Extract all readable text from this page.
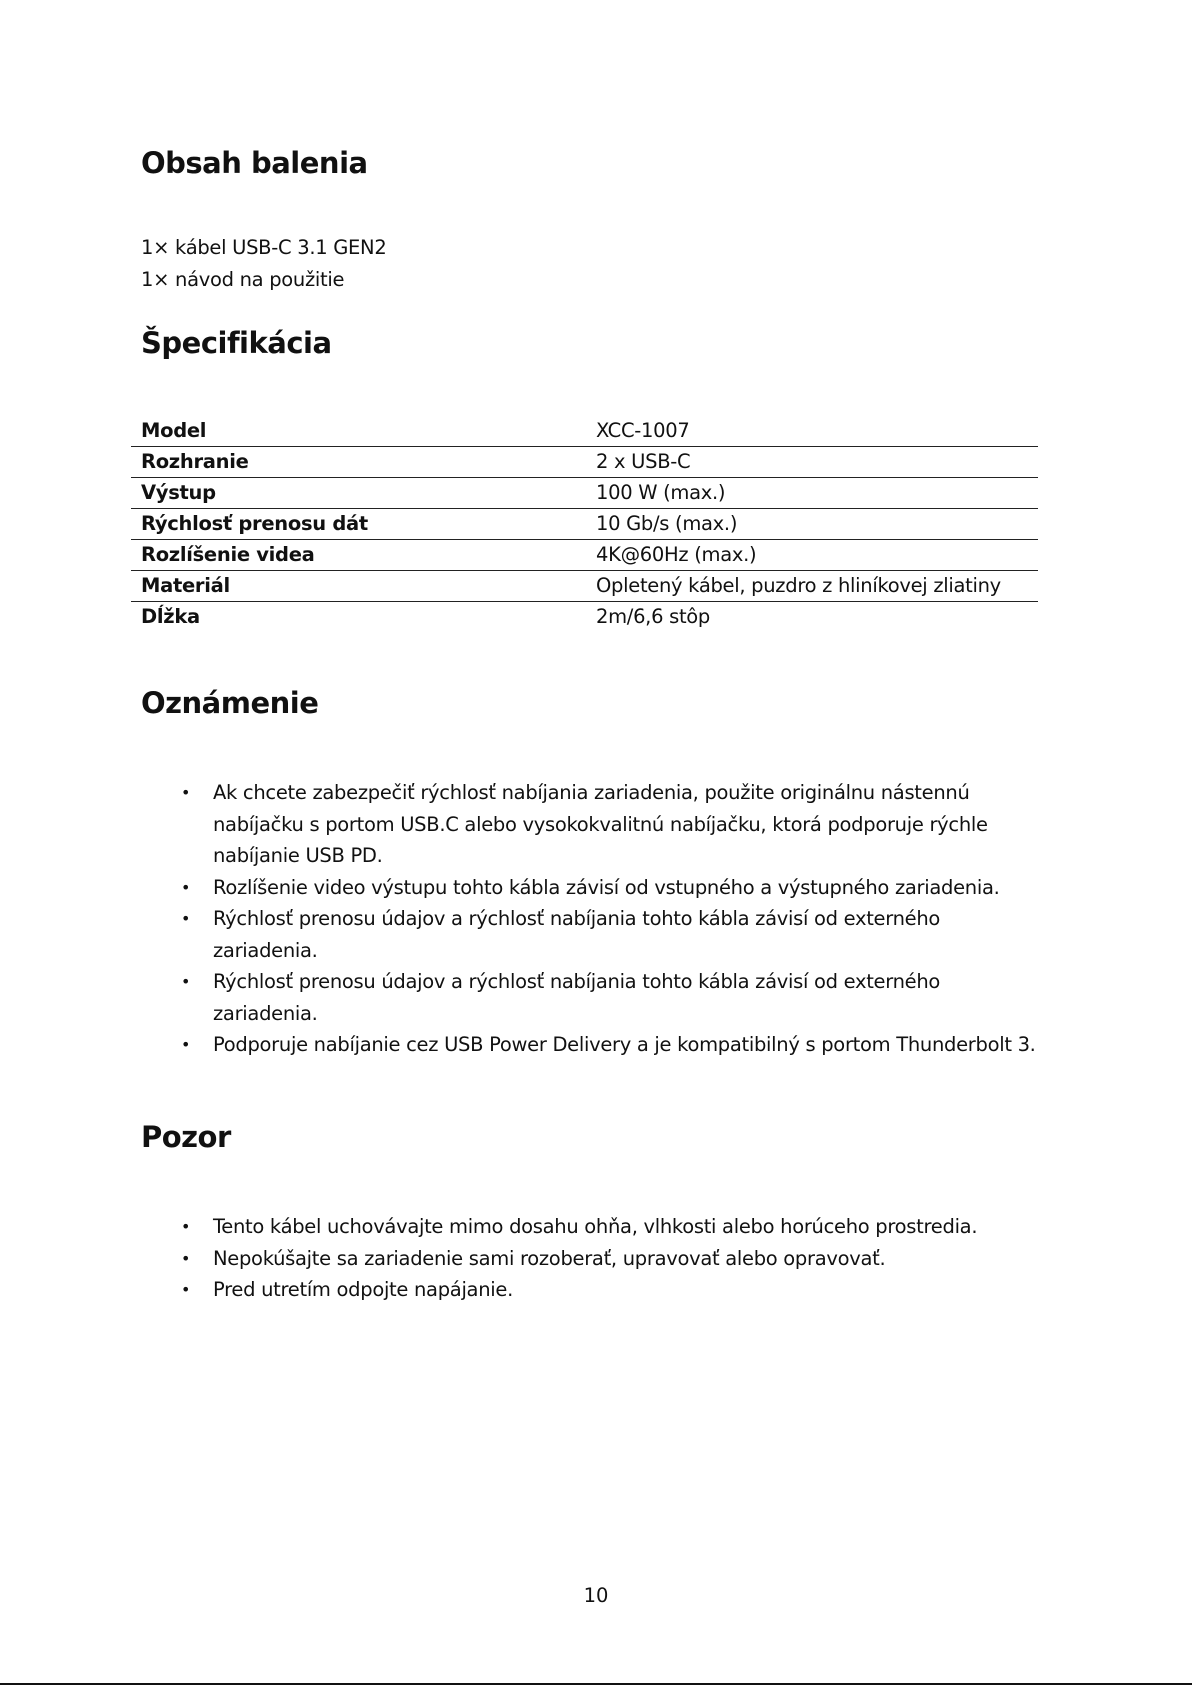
Obsah balenia

1× kábel USB-C 3.1 GEN2

1× návod na použitie

Špecifikácia
Model	XCC-1007
Rozhranie	2 x USB-C
Výstup	100 W (max.)
Rýchlosť prenosu dát	10 Gb/s (max.)
Rozlíšenie videa	4K@60Hz (max.)
Materiál	Opletený kábel, puzdro z hliníkovej zliatiny
Dĺžka	2m/6,6 stôp
Oznámenie
• Ak chcete zabezpečiť rýchlosť nabíjania zariadenia, použite originálnu nástennú nabíjačku s portom USB.C alebo vysokokvalitnú nabíjačku, ktorá podporuje rýchle nabíjanie USB PD.
• Rozlíšenie video výstupu tohto kábla závisí od vstupného a výstupného zariadenia.
• Rýchlosť prenosu údajov a rýchlosť nabíjania tohto kábla závisí od externého zariadenia.
• Rýchlosť prenosu údajov a rýchlosť nabíjania tohto kábla závisí od externého zariadenia.
• Podporuje nabíjanie cez USB Power Delivery a je kompatibilný s portom Thunderbolt 3.
Pozor
• Tento kábel uchovávajte mimo dosahu ohňa, vlhkosti alebo horúceho prostredia.
• Nepokúšajte sa zariadenie sami rozoberať, upravovať alebo opravovať.
• Pred utretím odpojte napájanie.
10
